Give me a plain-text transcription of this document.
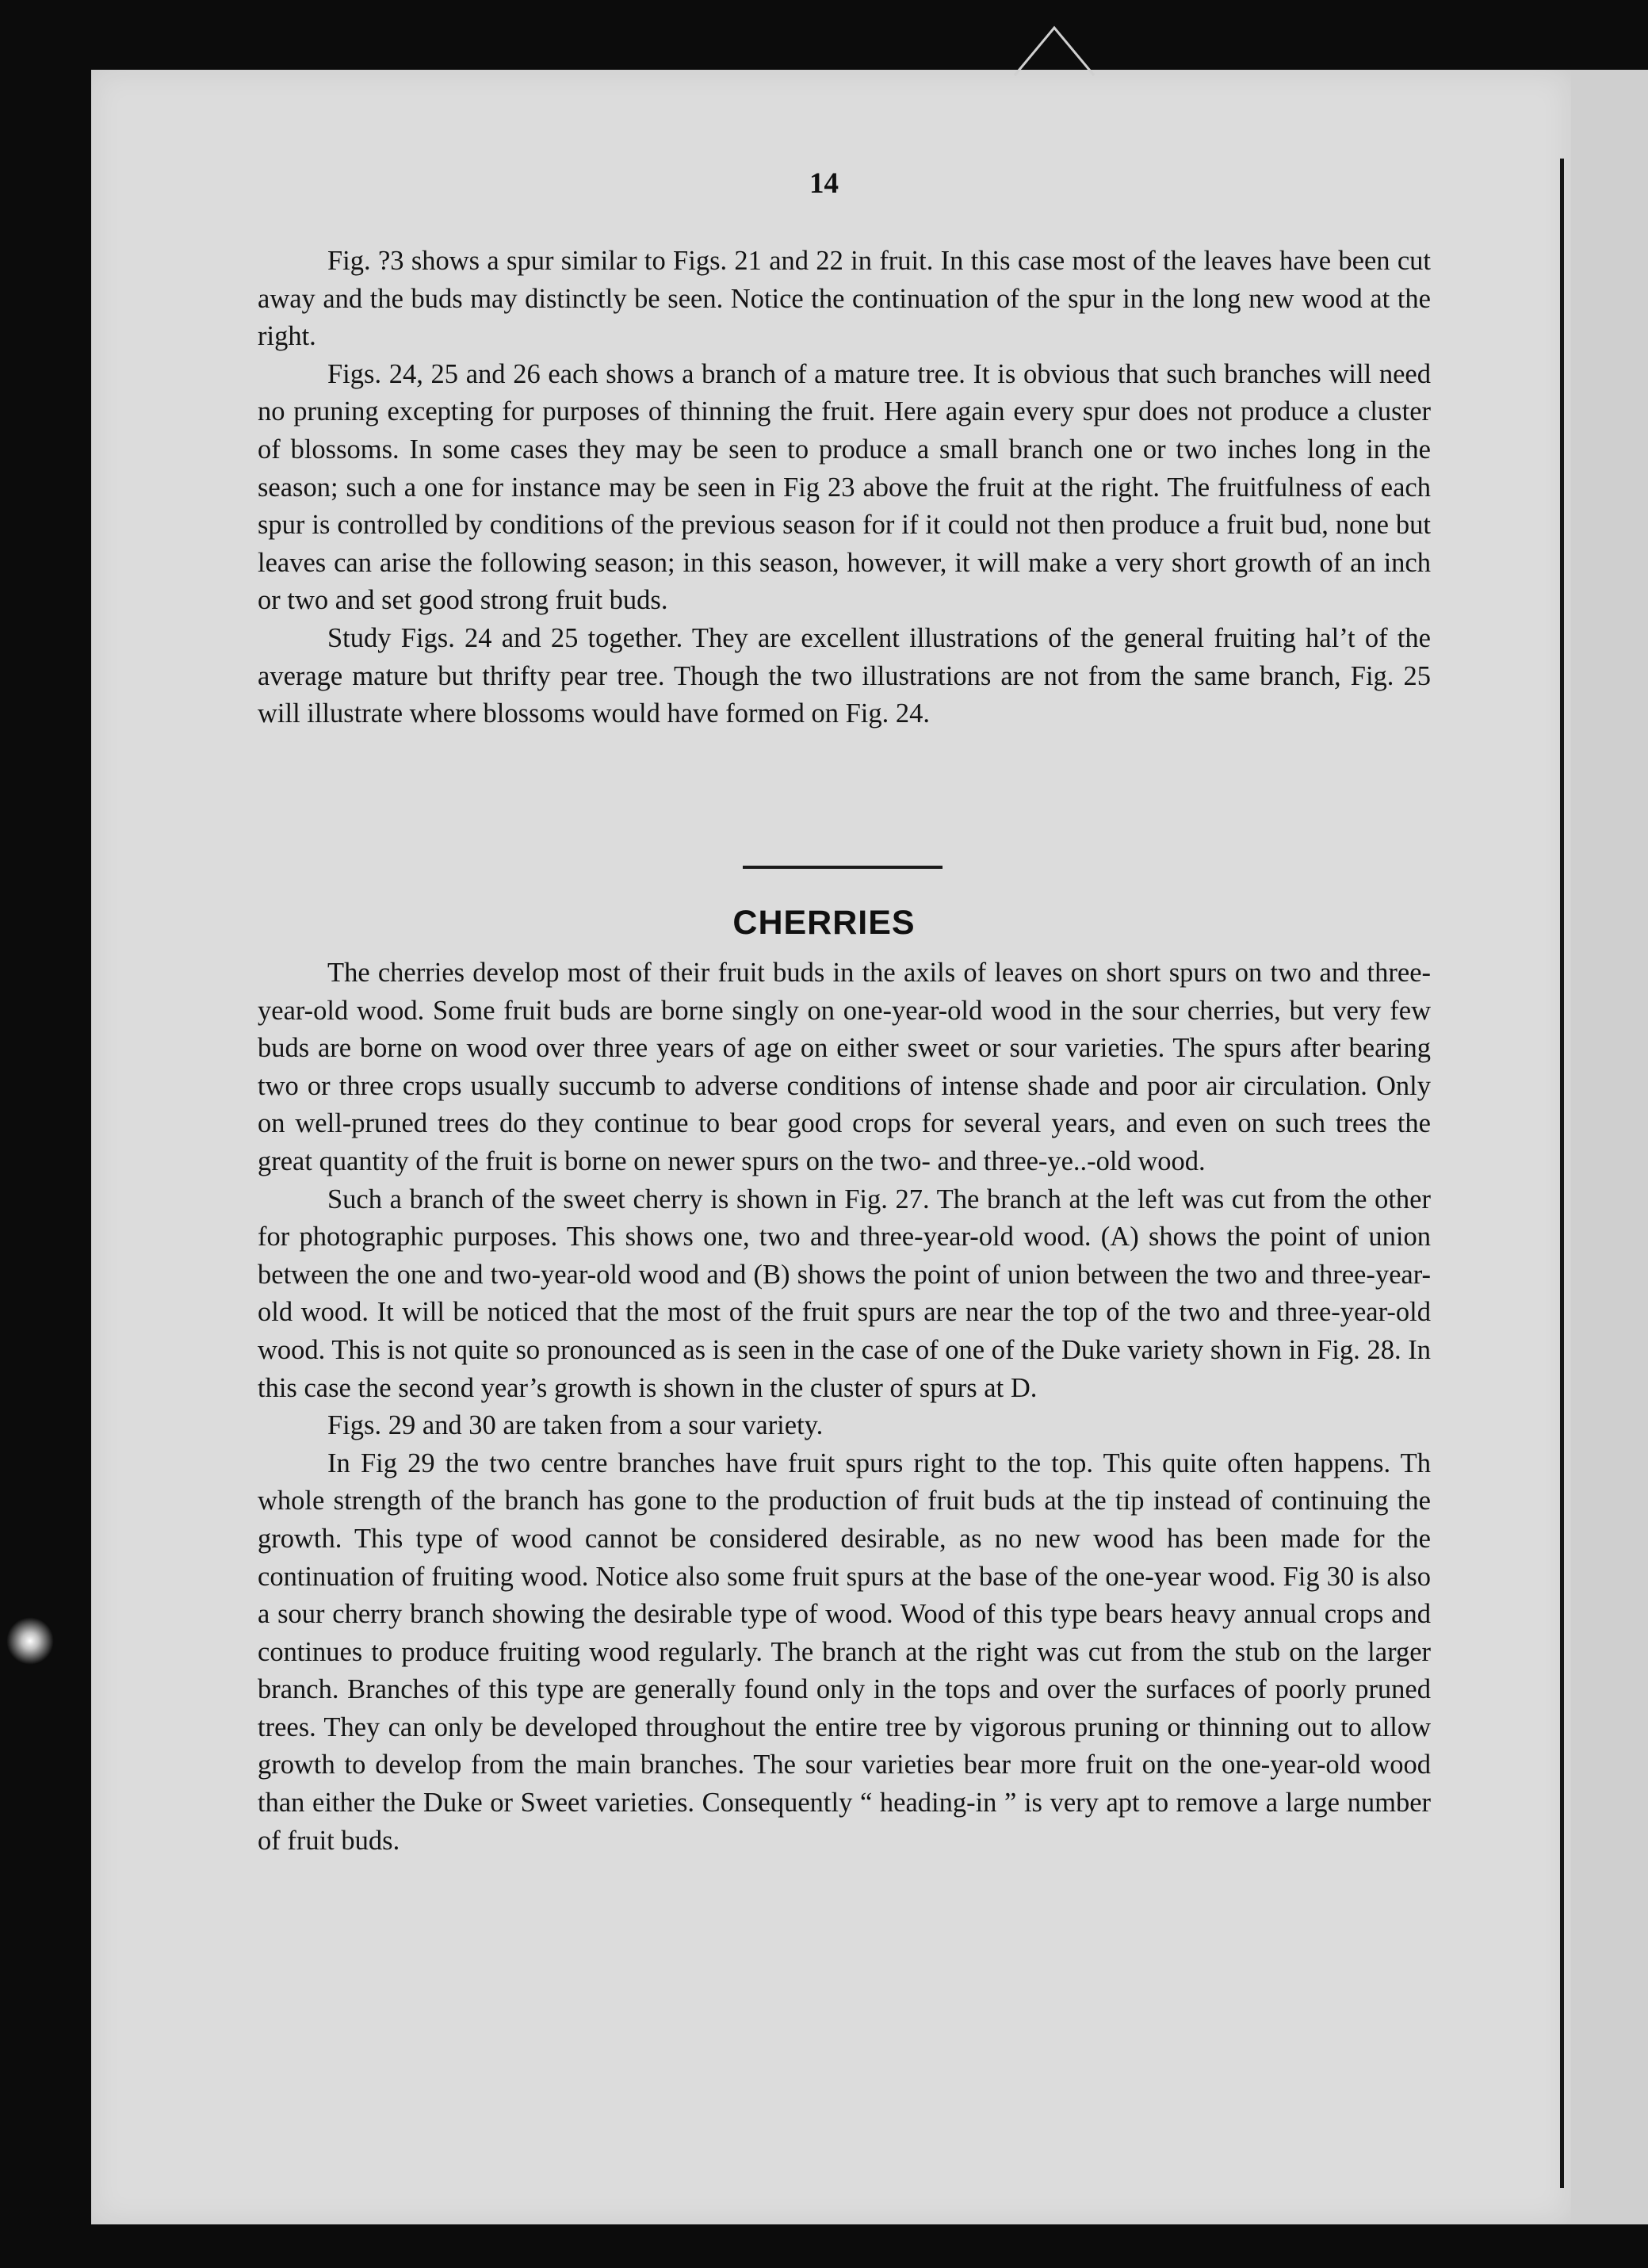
14

Fig. ?3 shows a spur similar to Figs. 21 and 22 in fruit. In this case most of the leaves have been cut away and the buds may distinctly be seen. Notice the continuation of the spur in the long new wood at the right.

Figs. 24, 25 and 26 each shows a branch of a mature tree. It is obvious that such branches will need no pruning excepting for purposes of thinning the fruit. Here again every spur does not produce a cluster of blossoms. In some cases they may be seen to produce a small branch one or two inches long in the season; such a one for instance may be seen in Fig 23 above the fruit at the right. The fruitfulness of each spur is controlled by conditions of the previous season for if it could not then produce a fruit bud, none but leaves can arise the following season; in this season, however, it will make a very short growth of an inch or two and set good strong fruit buds.

Study Figs. 24 and 25 together. They are excellent illustrations of the general fruiting hal’t of the average mature but thrifty pear tree. Though the two illustrations are not from the same branch, Fig. 25 will illustrate where blossoms would have formed on Fig. 24.

CHERRIES

The cherries develop most of their fruit buds in the axils of leaves on short spurs on two and three-year-old wood. Some fruit buds are borne singly on one-year-old wood in the sour cherries, but very few buds are borne on wood over three years of age on either sweet or sour varieties. The spurs after bearing two or three crops usually succumb to adverse conditions of intense shade and poor air circulation. Only on well-pruned trees do they continue to bear good crops for several years, and even on such trees the great quantity of the fruit is borne on newer spurs on the two- and three-ye..-old wood.

Such a branch of the sweet cherry is shown in Fig. 27. The branch at the left was cut from the other for photographic purposes. This shows one, two and three-year-old wood. (A) shows the point of union between the one and two-year-old wood and (B) shows the point of union between the two and three-year-old wood. It will be noticed that the most of the fruit spurs are near the top of the two and three-year-old wood. This is not quite so pronounced as is seen in the case of one of the Duke variety shown in Fig. 28. In this case the second year’s growth is shown in the cluster of spurs at D.

Figs. 29 and 30 are taken from a sour variety.

In Fig 29 the two centre branches have fruit spurs right to the top. This quite often happens. Th whole strength of the branch has gone to the production of fruit buds at the tip instead of continuing the growth. This type of wood cannot be considered desirable, as no new wood has been made for the continuation of fruiting wood. Notice also some fruit spurs at the base of the one-year wood. Fig 30 is also a sour cherry branch showing the desirable type of wood. Wood of this type bears heavy annual crops and continues to produce fruiting wood regularly. The branch at the right was cut from the stub on the larger branch. Branches of this type are generally found only in the tops and over the surfaces of poorly pruned trees. They can only be developed throughout the entire tree by vigorous pruning or thinning out to allow growth to develop from the main branches. The sour varieties bear more fruit on the one-year-old wood than either the Duke or Sweet varieties. Consequently “ heading-in ” is very apt to remove a large number of fruit buds.
